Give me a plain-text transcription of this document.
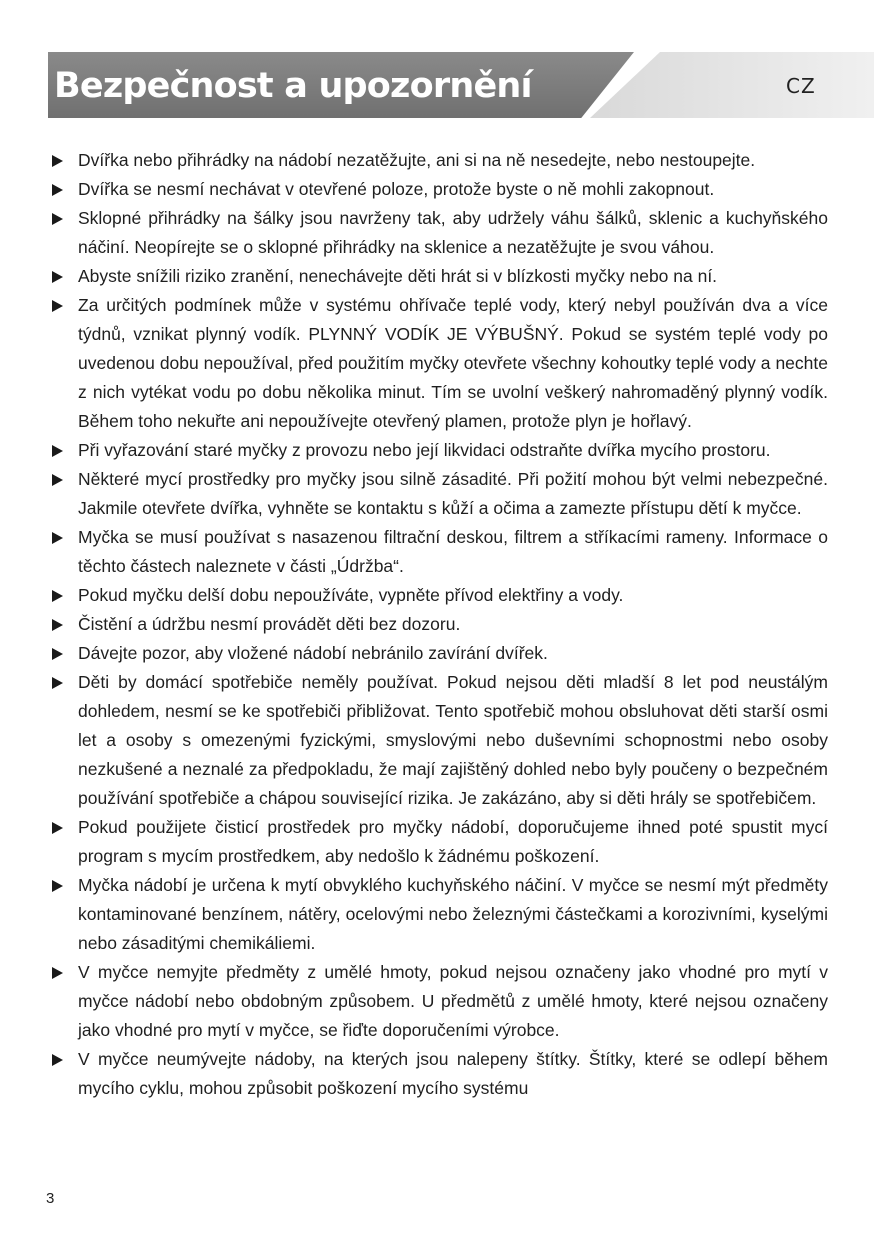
Bezpečnost a upozornění	CZ
Dvířka nebo přihrádky na nádobí nezatěžujte, ani si na ně nesedejte, nebo nestoupejte.
Dvířka se nesmí nechávat v otevřené poloze, protože byste o ně mohli zakopnout.
Sklopné přihrádky na šálky jsou navrženy tak, aby udržely váhu šálků, sklenic a kuchyňského náčiní. Neopírejte se o sklopné přihrádky na sklenice a nezatěžujte je svou váhou.
Abyste snížili riziko zranění, nenechávejte děti hrát si v blízkosti myčky nebo na ní.
Za určitých podmínek může v systému ohřívače teplé vody, který nebyl používán dva a více týdnů, vznikat plynný vodík. PLYNNÝ VODÍK JE VÝBUŠNÝ. Pokud se systém teplé vody po uvedenou dobu nepoužíval, před použitím myčky otevřete všechny kohoutky teplé vody a nechte z nich vytékat vodu po dobu několika minut. Tím se uvolní veškerý nahromaděný plynný vodík. Během toho nekuřte ani nepoužívejte otevřený plamen, protože plyn je hořlavý.
Při vyřazování staré myčky z provozu nebo její likvidaci odstraňte dvířka mycího prostoru.
Některé mycí prostředky pro myčky jsou silně zásadité. Při požití mohou být velmi nebezpečné. Jakmile otevřete dvířka, vyhněte se kontaktu s kůží a očima a zamezte přístupu dětí k myčce.
Myčka se musí používat s nasazenou filtrační deskou, filtrem a stříkacími rameny. Informace o těchto částech naleznete v části „Údržba“.
Pokud myčku delší dobu nepoužíváte, vypněte přívod elektřiny a vody.
Čistění a údržbu nesmí provádět děti bez dozoru.
Dávejte pozor, aby vložené nádobí nebránilo zavírání dvířek.
Děti by domácí spotřebiče neměly používat. Pokud nejsou děti mladší 8 let pod neustálým dohledem, nesmí se ke spotřebiči přibližovat. Tento spotřebič mohou obsluhovat děti starší osmi let a osoby s omezenými fyzickými, smyslovými nebo duševními schopnostmi nebo osoby nezkušené a neznalé za předpokladu, že mají zajištěný dohled nebo byly poučeny o bezpečném používání spotřebiče a chápou související rizika. Je zakázáno, aby si děti hrály se spotřebičem.
Pokud použijete čisticí prostředek pro myčky nádobí, doporučujeme ihned poté spustit mycí program s mycím prostředkem, aby nedošlo k žádnému poškození.
Myčka nádobí je určena k mytí obvyklého kuchyňského náčiní. V myčce se nesmí mýt předměty kontaminované benzínem, nátěry, ocelovými nebo železnými částečkami a korozivními, kyselými nebo zásaditými chemikáliemi.
V myčce nemyjte předměty z umělé hmoty, pokud nejsou označeny jako vhodné pro mytí v myčce nádobí nebo obdobným způsobem. U předmětů z umělé hmoty, které nejsou označeny jako vhodné pro mytí v myčce, se řiďte doporučeními výrobce.
V myčce neumývejte nádoby, na kterých jsou nalepeny štítky. Štítky, které se odlepí během mycího cyklu, mohou způsobit poškození mycího systému
3
